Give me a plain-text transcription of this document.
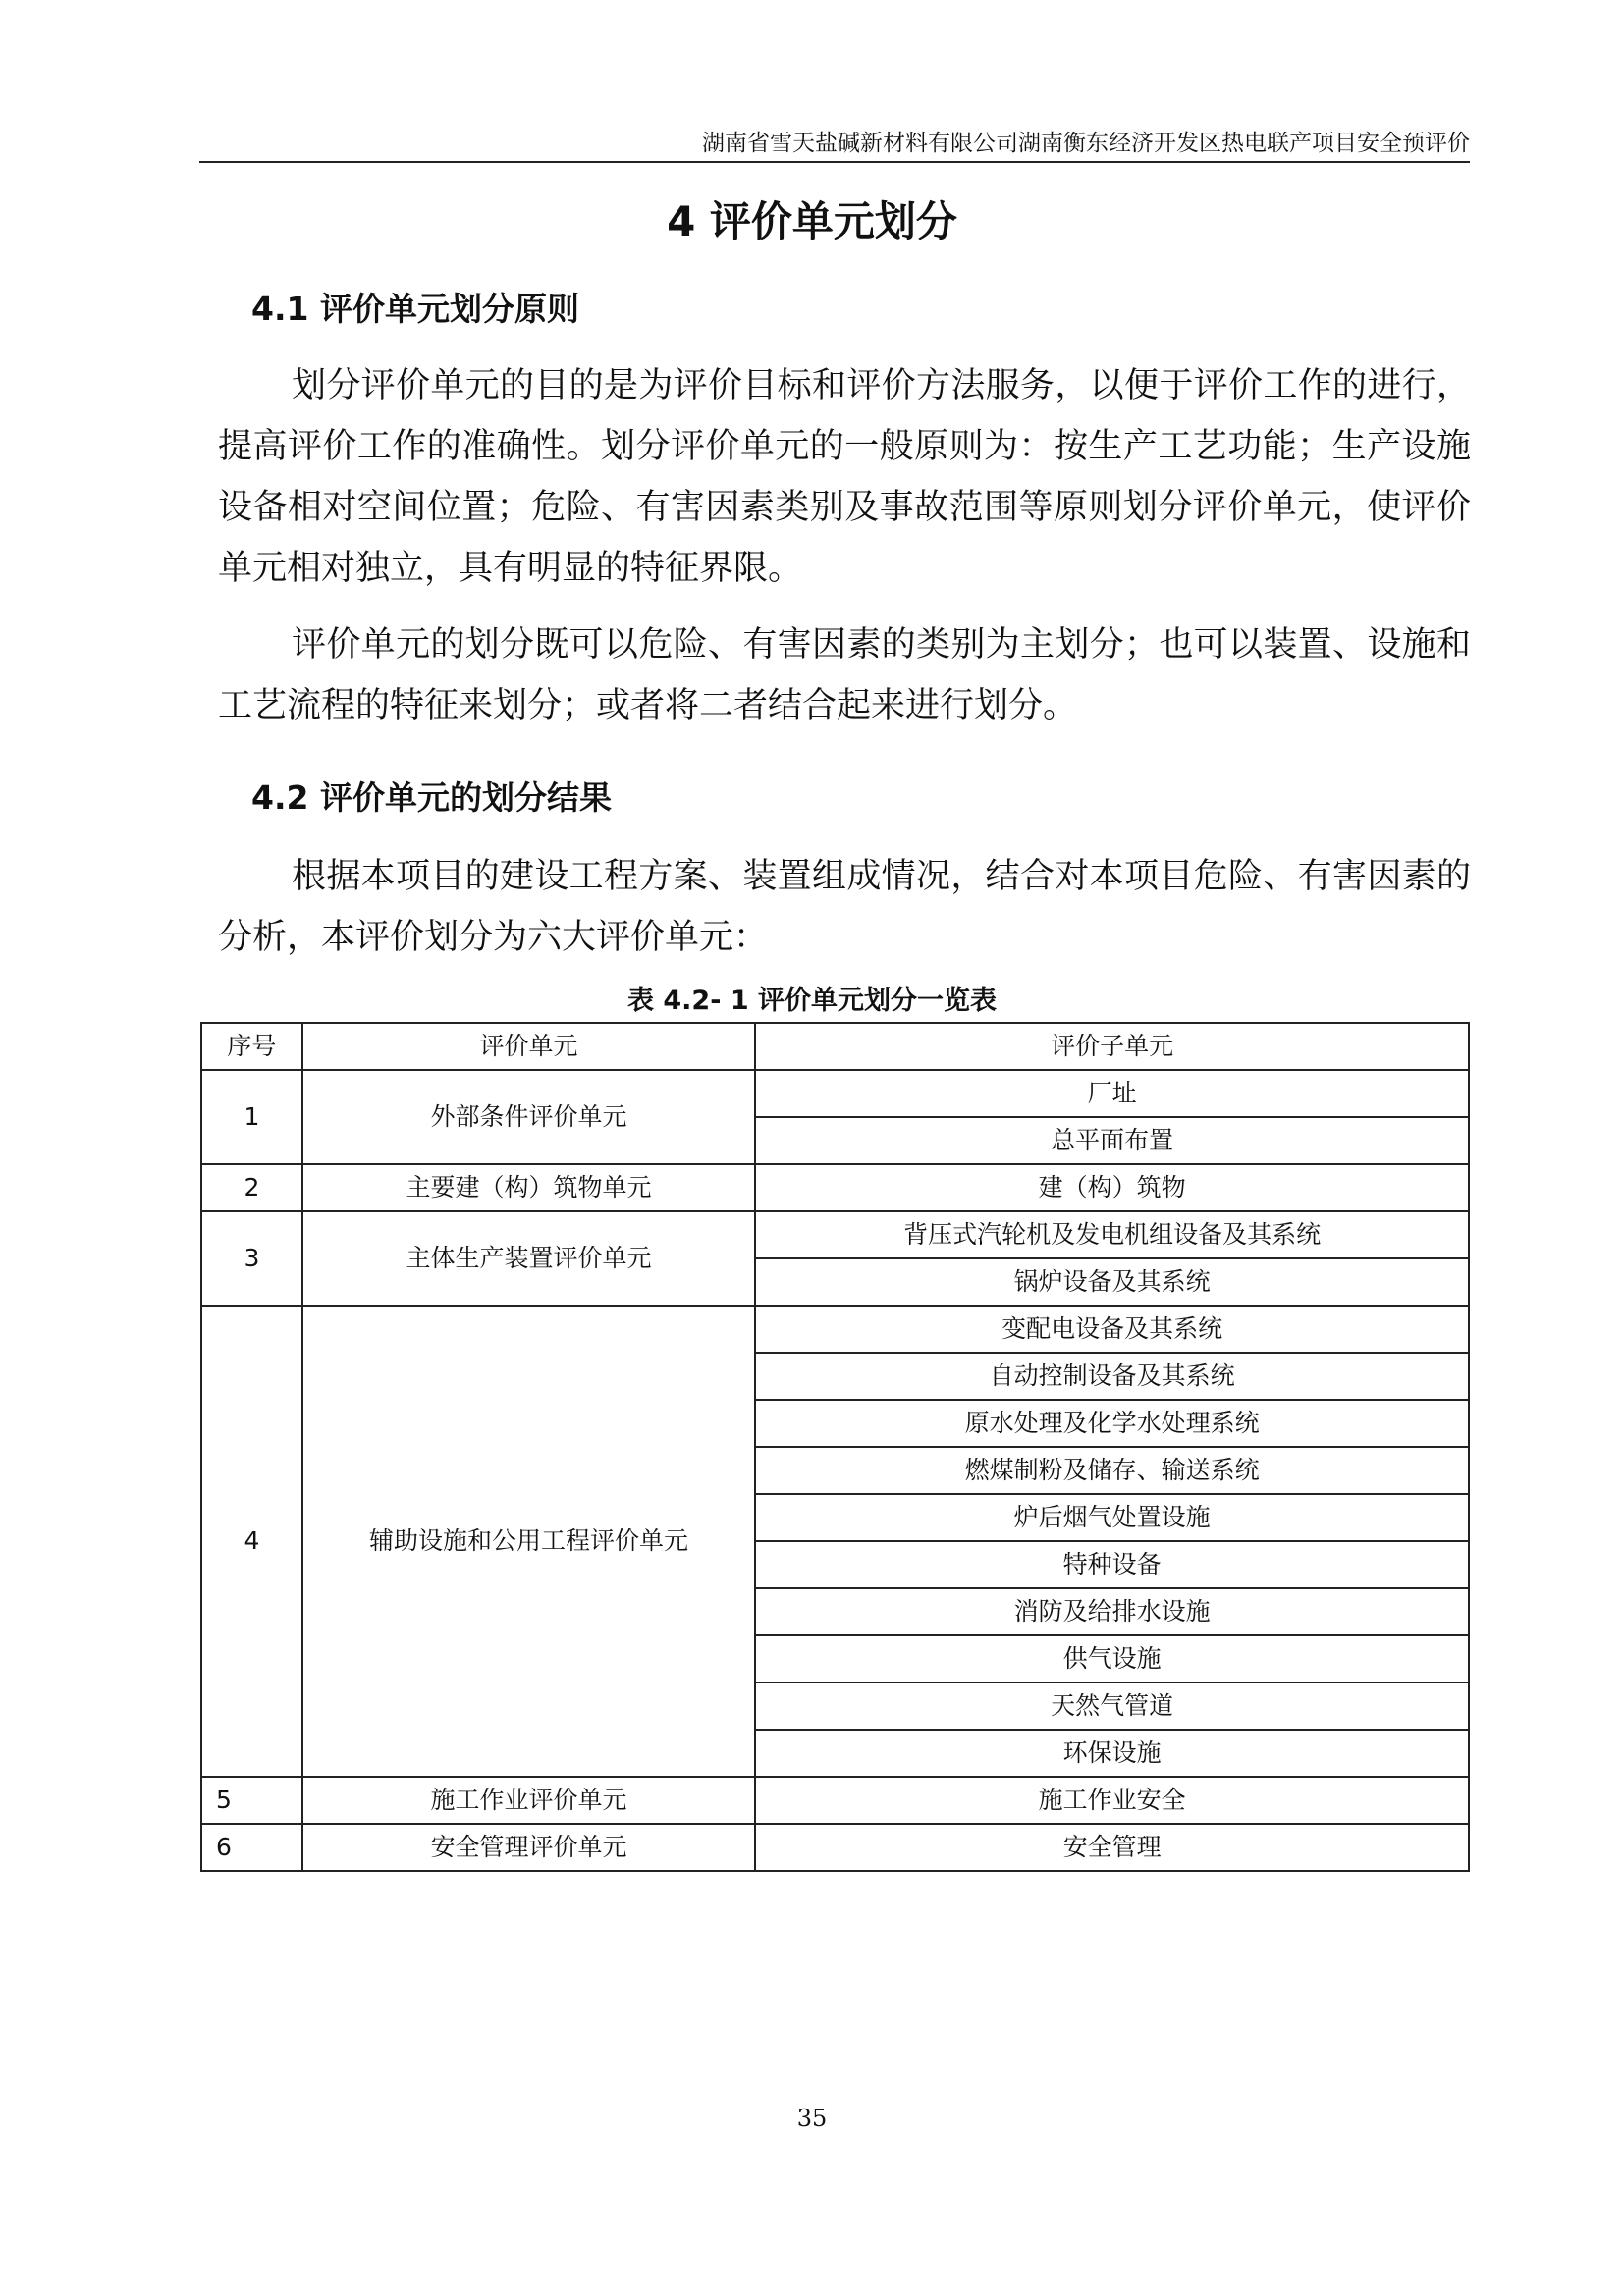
湖南省雪天盐碱新材料有限公司湖南衡东经济开发区热电联产项目安全预评价
4 评价单元划分
4.1 评价单元划分原则

划分评价单元的目的是为评价目标和评价方法服务，以便于评价工作的进行，提高评价工作的准确性。划分评价单元的一般原则为：按生产工艺功能；生产设施设备相对空间位置；危险、有害因素类别及事故范围等原则划分评价单元，使评价单元相对独立，具有明显的特征界限。

评价单元的划分既可以危险、有害因素的类别为主划分；也可以装置、设施和工艺流程的特征来划分；或者将二者结合起来进行划分。

4.2 评价单元的划分结果

根据本项目的建设工程方案、装置组成情况，结合对本项目危险、有害因素的分析，本评价划分为六大评价单元：

表 4.2- 1 评价单元划分一览表
序号	评价单元	评价子单元
1	外部条件评价单元	厂址
		总平面布置
2	主要建（构）筑物单元	建（构）筑物
3	主体生产装置评价单元	背压式汽轮机及发电机组设备及其系统
		锅炉设备及其系统
4	辅助设施和公用工程评价单元	变配电设备及其系统
		自动控制设备及其系统
		原水处理及化学水处理系统
		燃煤制粉及储存、输送系统
		炉后烟气处置设施
		特种设备
		消防及给排水设施
		供气设施
		天然气管道
		环保设施
5	施工作业评价单元	施工作业安全
6	安全管理评价单元	安全管理
35
